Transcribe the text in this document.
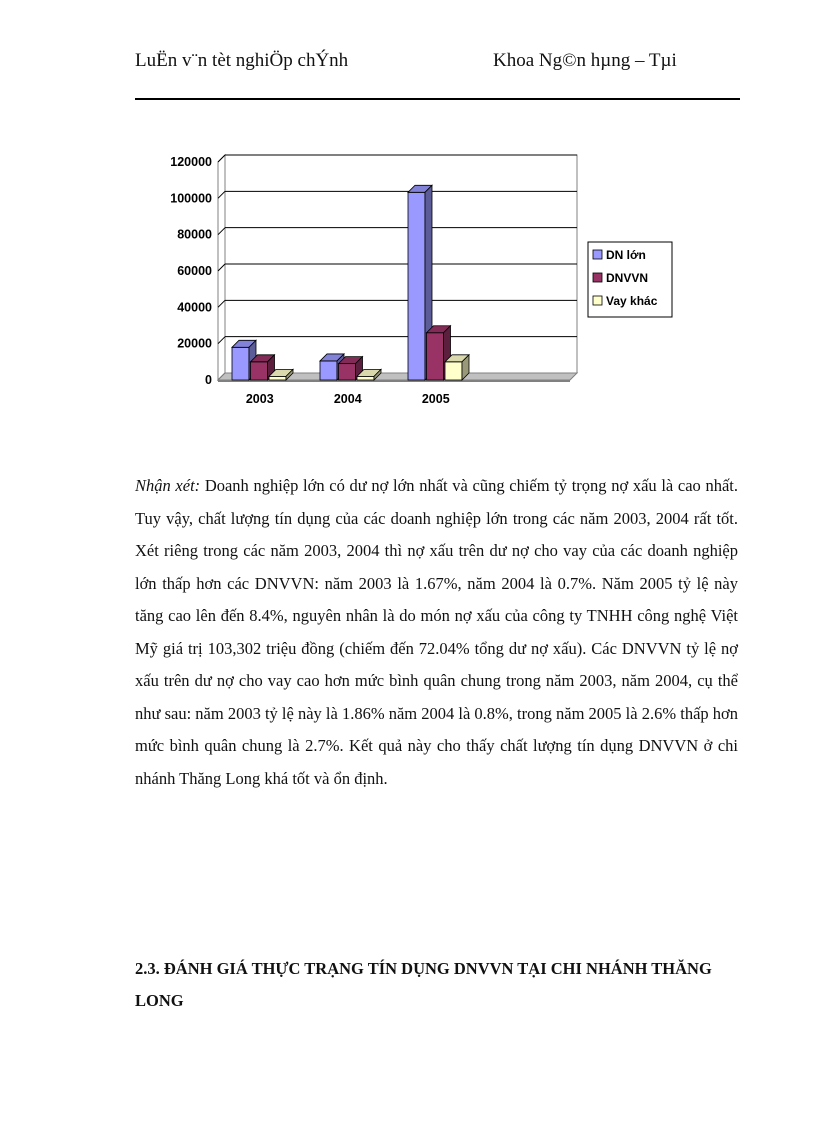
LuËn v¨n tèt nghiÖp chÝnh	Khoa Ng©n hµng – Tµi
0
20000
40000
60000
80000
100000
120000
2003	2004	2005
DN lớn
DNVVN
Vay khác

Nhận xét: Doanh nghiệp lớn có dư nợ lớn nhất và cũng chiếm tỷ trọng nợ xấu là cao nhất. Tuy vậy, chất lượng tín dụng của các doanh nghiệp lớn trong các năm 2003, 2004 rất tốt. Xét riêng trong các năm 2003, 2004 thì nợ xấu trên dư nợ cho vay của các doanh nghiệp lớn thấp hơn các DNVVN: năm 2003 là 1.67%, năm 2004 là 0.7%. Năm 2005 tỷ lệ này tăng cao lên đến 8.4%, nguyên nhân là do món nợ xấu của công ty TNHH công nghệ Việt Mỹ giá trị 103,302 triệu đồng (chiếm đến 72.04% tổng dư nợ xấu). Các DNVVN tỷ lệ nợ xấu trên dư nợ cho vay cao hơn mức bình quân chung trong năm 2003, năm 2004, cụ thể như sau: năm 2003 tỷ lệ này là 1.86% năm 2004 là 0.8%, trong năm 2005 là 2.6% thấp hơn mức bình quân chung là 2.7%. Kết quả này cho thấy chất lượng tín dụng DNVVN ở chi nhánh Thăng Long khá tốt và ổn định.

2.3. ĐÁNH GIÁ THỰC TRẠNG TÍN DỤNG DNVVN TẠI CHI NHÁNH THĂNG LONG
